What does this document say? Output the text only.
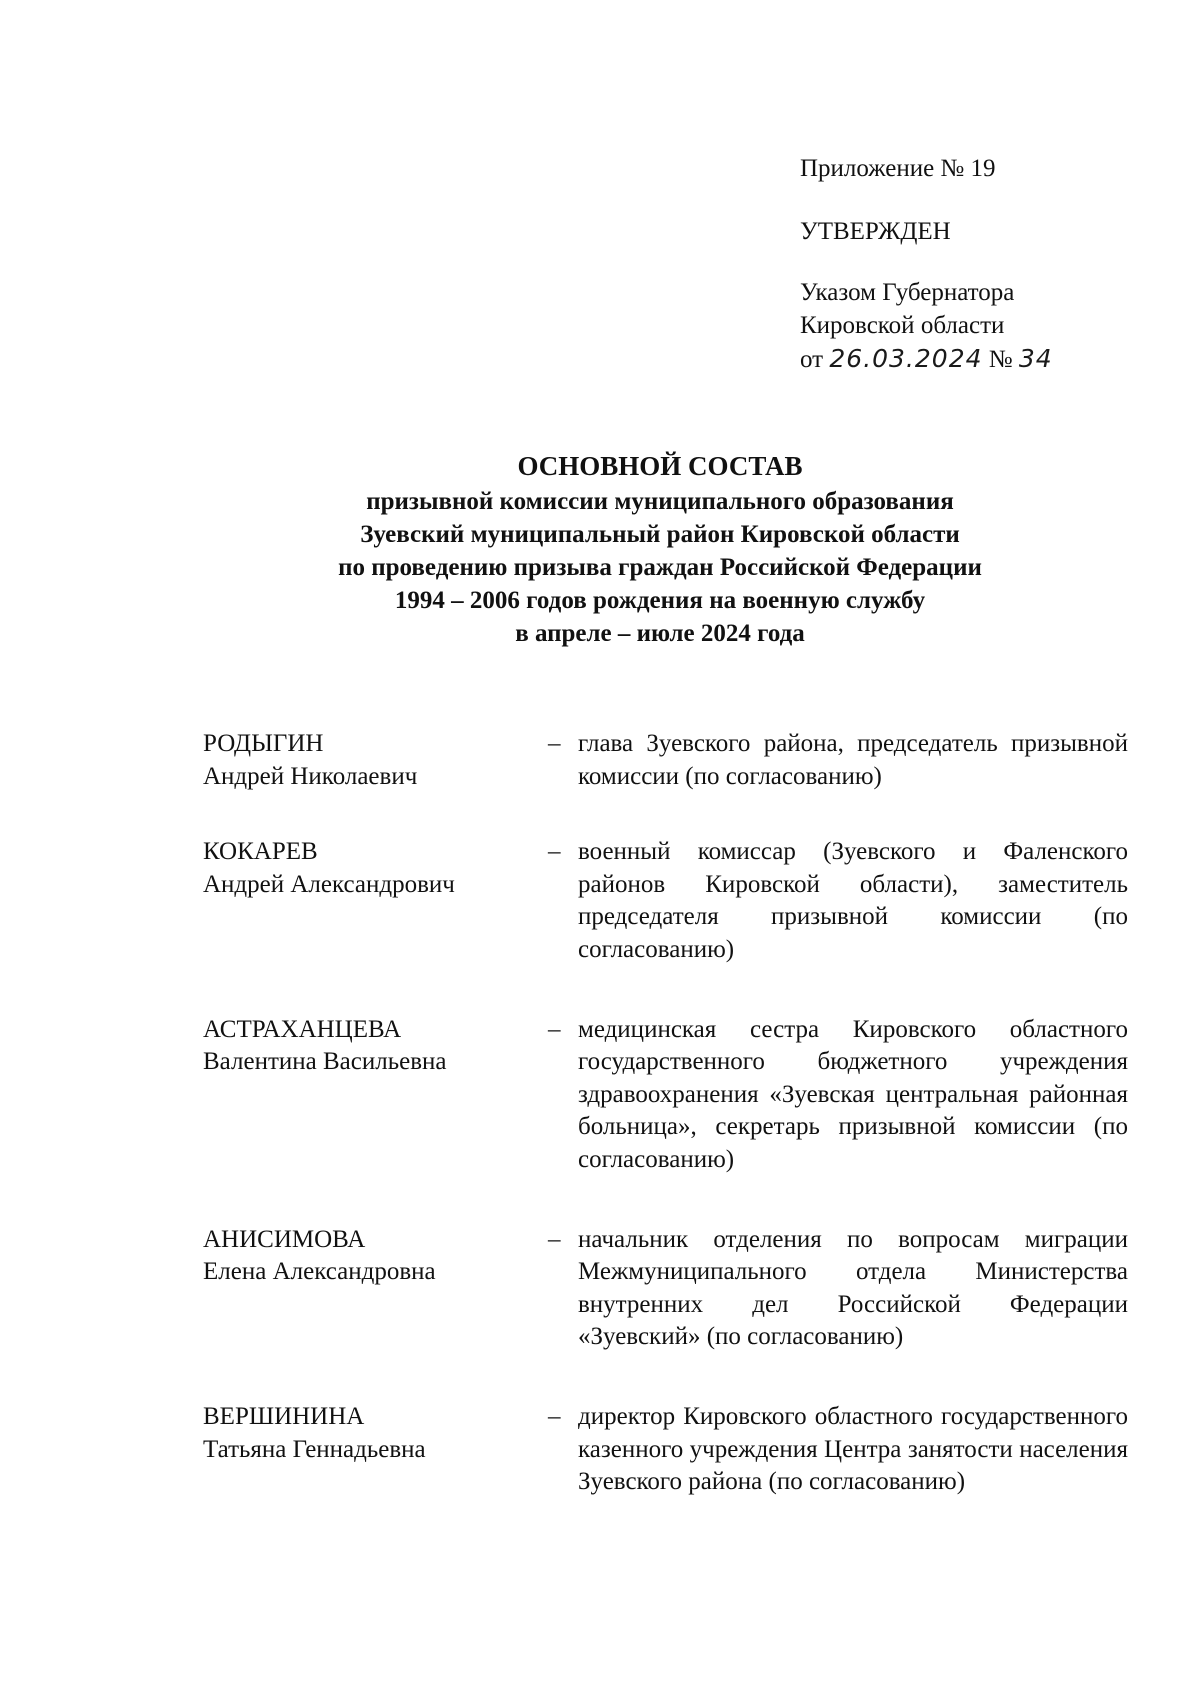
Приложение № 19
УТВЕРЖДЕН
Указом Губернатора
Кировской области
от 26.03.2024 № 34
ОСНОВНОЙ СОСТАВ
призывной комиссии муниципального образования
Зуевский муниципальный район Кировской области
по проведению призыва граждан Российской Федерации
1994 – 2006 годов рождения на военную службу
в апреле – июле 2024 года
РОДЫГИН
Андрей Николаевич
– глава Зуевского района, председатель призывной комиссии (по согласованию)
КОКАРЕВ
Андрей Александрович
– военный комиссар (Зуевского и Фаленского районов Кировской области), заместитель председателя призывной комиссии (по согласованию)
АСТРАХАНЦЕВА
Валентина Васильевна
– медицинская сестра Кировского областного государственного бюджетного учреждения здравоохранения «Зуевская центральная районная больница», секретарь призывной комиссии (по согласованию)
АНИСИМОВА
Елена Александровна
– начальник отделения по вопросам миграции Межмуниципального отдела Министерства внутренних дел Российской Федерации «Зуевский» (по согласованию)
ВЕРШИНИНА
Татьяна Геннадьевна
– директор Кировского областного государственного казенного учреждения Центра занятости населения Зуевского района (по согласованию)
